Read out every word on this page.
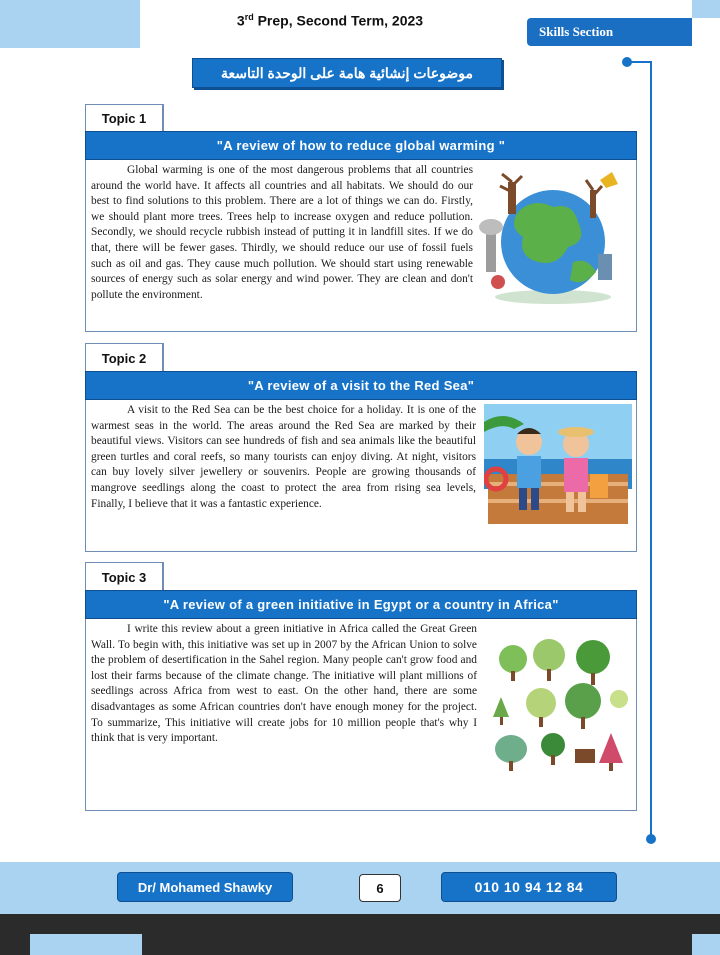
3rd Prep, Second Term, 2023
Skills Section
موضوعات إنشائية هامة على الوحدة التاسعة
Topic 1
"A review of how to reduce global warming "

Global warming is one of the most dangerous problems that all countries around the world have. It affects all countries and all habitats. We should do our best to find solutions to this problem. There are a lot of things we can do. Firstly, we should plant more trees. Trees help to increase oxygen and reduce pollution. Secondly, we should recycle rubbish instead of putting it in landfill sites. If we do that, there will be fewer gases. Thirdly, we should reduce our use of fossil fuels such as oil and gas. They cause much pollution. We should start using renewable sources of energy such as solar energy and wind power. They are clean and don't pollute the environment.

Topic 2
"A review of a visit to the Red Sea"

A visit to the Red Sea can be the best choice for a holiday. It is one of the warmest seas in the world. The areas around the Red Sea are marked by their beautiful views. Visitors can see hundreds of fish and sea animals like the beautiful green turtles and coral reefs, so many tourists can enjoy diving. At night, visitors can buy lovely silver jewellery or souvenirs. People are growing thousands of mangrove seedlings along the coast to protect the area from rising sea levels, Finally, I believe that it was a fantastic experience.

Topic 3
"A review of a green initiative in Egypt or a country in Africa"

I write this review about a green initiative in Africa called the Great Green Wall. To begin with, this initiative was set up in 2007 by the African Union to solve the problem of desertification in the Sahel region. Many people can't grow food and lost their farms because of the climate change. The initiative will plant millions of seedlings across Africa from west to east. On the other hand, there are some disadvantages as some African countries don't have enough money for the project. To summarize, This initiative will create jobs for 10 million people that's why I think that is very important.

Dr/ Mohamed Shawky	6	010 10 94 12 84
